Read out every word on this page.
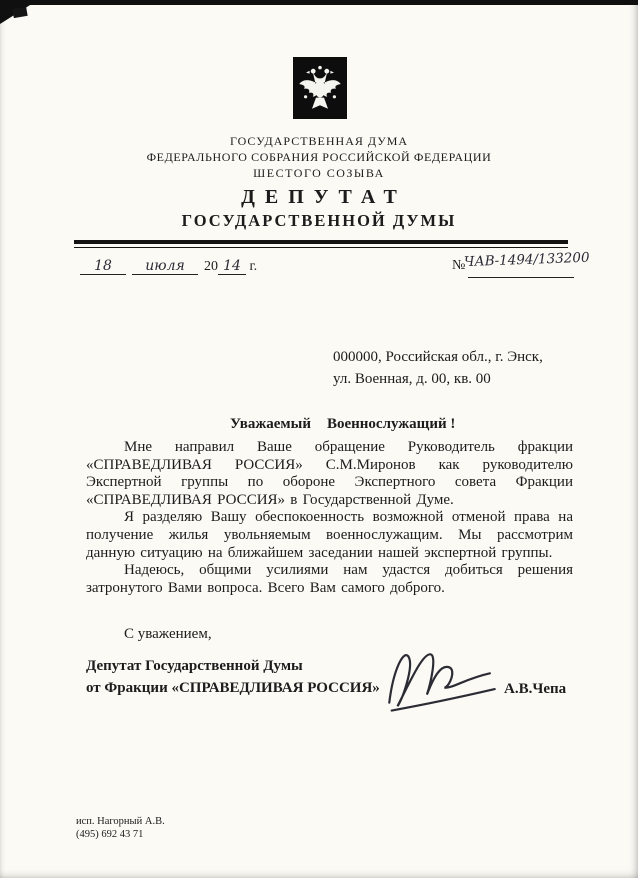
ГОСУДАРСТВЕННАЯ ДУМА
ФЕДЕРАЛЬНОГО СОБРАНИЯ РОССИЙСКОЙ ФЕДЕРАЦИИ
ШЕСТОГО СОЗЫВА
ДЕПУТАТ
ГОСУДАРСТВЕННОЙ ДУМЫ
18	июля	20 14 г.	№
ЧАВ-1494/133200
000000, Российская обл., г. Энск,
ул. Военная, д. 00, кв. 00
Уважаемый Военнослужащий !

Мне направил Ваше обращение Руководитель фракции «СПРАВЕДЛИВАЯ РОССИЯ» С.М.Миронов как руководителю Экспертной группы по обороне Экспертного совета Фракции «СПРАВЕДЛИВАЯ РОССИЯ» в Государственной Думе.

Я разделяю Вашу обеспокоенность возможной отменой права на получение жилья увольняемым военнослужащим. Мы рассмотрим данную ситуацию на ближайшем заседании нашей экспертной группы.

Надеюсь, общими усилиями нам удастся добиться решения затронутого Вами вопроса. Всего Вам самого доброго.

С уважением,
Депутат Государственной Думы
от Фракции «СПРАВЕДЛИВАЯ РОССИЯ»	А.В.Чепа
исп. Нагорный А.В.
(495) 692 43 71
